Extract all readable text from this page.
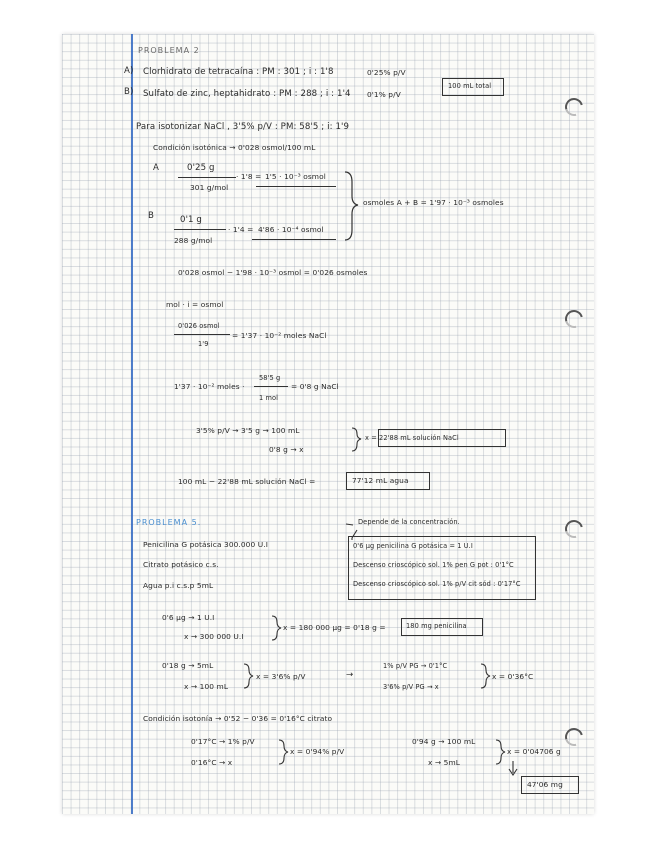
PROBLEMA 2
A) Clorhidrato de tetracaína : PM : 301 ; i : 1'8	0'25% p/V
B) Sulfato de zinc, heptahidrato : PM : 288 ; i : 1'4 0'1% p/V
100 mL total
Para isotonizar NaCl , 3'5% p/V : PM: 58'5 ; i: 1'9
Condición isotónica → 0'028 osmol/100 mL
A	0'25 g
301 g/mol
· 1'8 = 1'5 · 10⁻³ osmol
B	0'1 g
288 g/mol
· 1'4 = 4'86 · 10⁻⁴ osmol
osmoles A + B = 1'97 · 10⁻³ osmoles
0'028 osmol − 1'98 · 10⁻³ osmol = 0'026 osmoles
mol · i = osmol
0'026 osmol
1'9
= 1'37 · 10⁻² moles NaCl
1'37 · 10⁻² moles ·
58'5 g
1 mol
= 0'8 g NaCl
3'5% p/V → 3'5 g → 100 mL
0'8 g → x
x = 22'88 mL solución NaCl
100 mL − 22'88 mL solución NaCl =	77'12 mL agua
PROBLEMA 5.	Depende de la concentración.
Penicilina G potásica 300.000 U.I
Citrato potásico c.s.
Agua p.i c.s.p 5mL
0'6 μg penicilina G potásica = 1 U.I
Descenso crioscópico sol. 1% pen G pot : 0'1°C
Descenso crioscópico sol. 1% p/V cit sód : 0'17°C
0'6 μg → 1 U.I
x → 300 000 U.I
x = 180 000 μg = 0'18 g =	180 mg penicilina
0'18 g → 5mL
x → 100 mL
x = 3'6% p/V	→
1% p/V PG → 0'1°C
3'6% p/V PG → x
x = 0'36°C
Condición isotonía → 0'52 − 0'36 = 0'16°C citrato
0'17°C → 1% p/V
0'16°C → x
x = 0'94% p/V
0'94 g → 100 mL
x → 5mL
x = 0'04706 g
47'06 mg
